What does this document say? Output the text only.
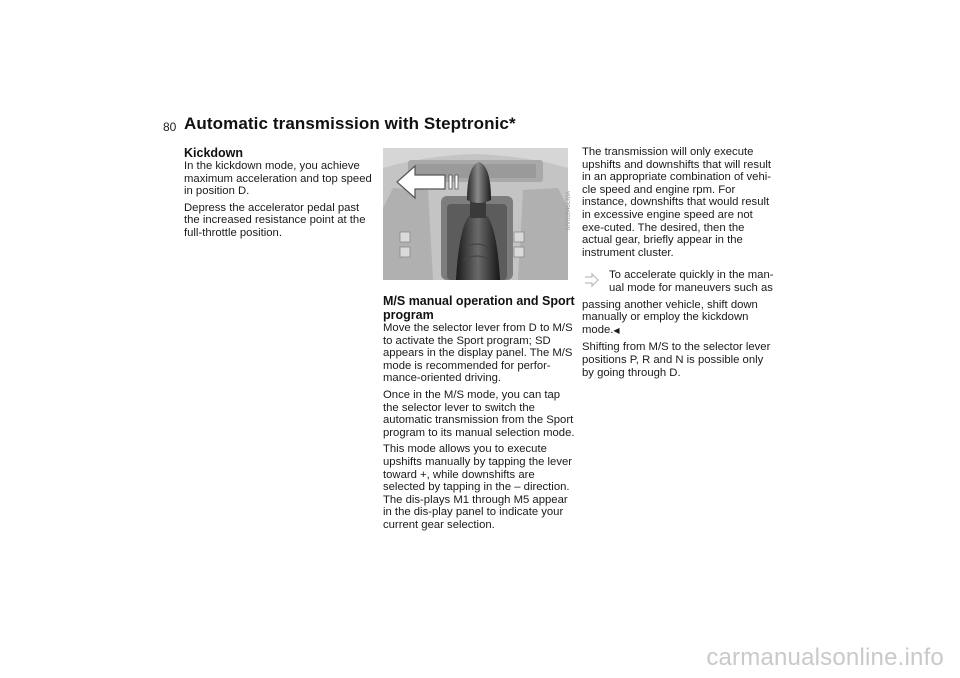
80 Automatic transmission with Steptronic*
Kickdown

In the kickdown mode, you achieve maximum acceleration and top speed in position D.

Depress the accelerator pedal past the increased resistance point at the full-throttle position.

MV00046CMA
M/S manual operation and Sport program

Move the selector lever from D to M/S to activate the Sport program; SD appears in the display panel. The M/S mode is recommended for perfor-mance-oriented driving.

Once in the M/S mode, you can tap the selector lever to switch the automatic transmission from the Sport program to its manual selection mode.

This mode allows you to execute upshifts manually by tapping the lever toward +, while downshifts are selected by tapping in the – direction. The dis-plays M1 through M5 appear in the dis-play panel to indicate your current gear selection.

The transmission will only execute upshifts and downshifts that will result in an appropriate combination of vehi-cle speed and engine rpm. For instance, downshifts that would result in excessive engine speed are not exe-cuted. The desired, then the actual gear, briefly appear in the instrument cluster.

To accelerate quickly in the man-ual mode for maneuvers such as

passing another vehicle, shift down manually or employ the kickdown mode.◀

Shifting from M/S to the selector lever positions P, R and N is possible only by going through D.

carmanualsonline.info
